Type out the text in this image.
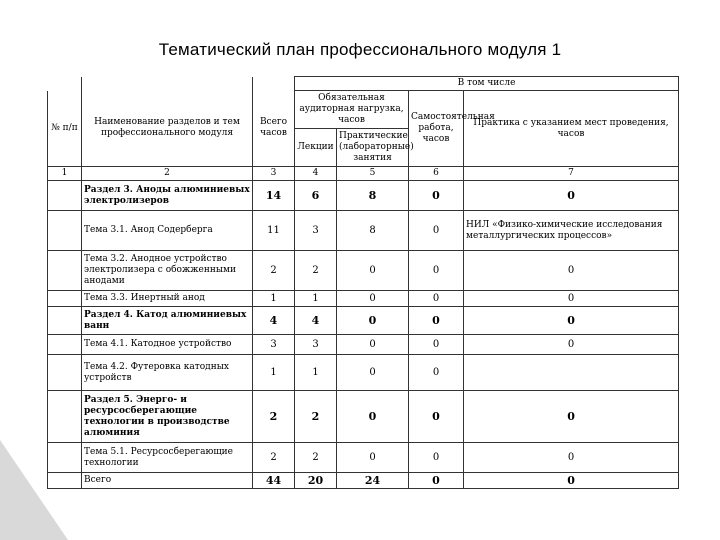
Тематический план профессионального модуля 1
			В том числе			
№ п/п	Наименование разделов и тем профессионального модуля	Всего часов	Обязательная аудиторная нагрузка, часов		Самостоятельная работа, часов	Практика с указанием мест проведения, часов
			Лекции	Практические (лабораторные) занятия		
1	2	3	4	5	6	7
	Раздел 3. Аноды алюминиевых электролизеров	14	6	8	0	0
	Тема 3.1. Анод Содерберга	11	3	8	0	НИЛ «Физико-химические исследования металлургических процессов»
	Тема 3.2. Анодное устройство электролизера с обожженными анодами	2	2	0	0	0
	Тема 3.3. Инертный анод	1	1	0	0	0
	Раздел 4. Катод алюминиевых ванн	4	4	0	0	0
	Тема 4.1. Катодное устройство	3	3	0	0	0
	Тема 4.2. Футеровка катодных устройств	1	1	0	0	
	Раздел 5. Энерго- и ресурсосберегающие технологии в производстве алюминия	2	2	0	0	0
	Тема 5.1. Ресурсосберегающие технологии	2	2	0	0	0
	Всего	44	20	24	0	0
